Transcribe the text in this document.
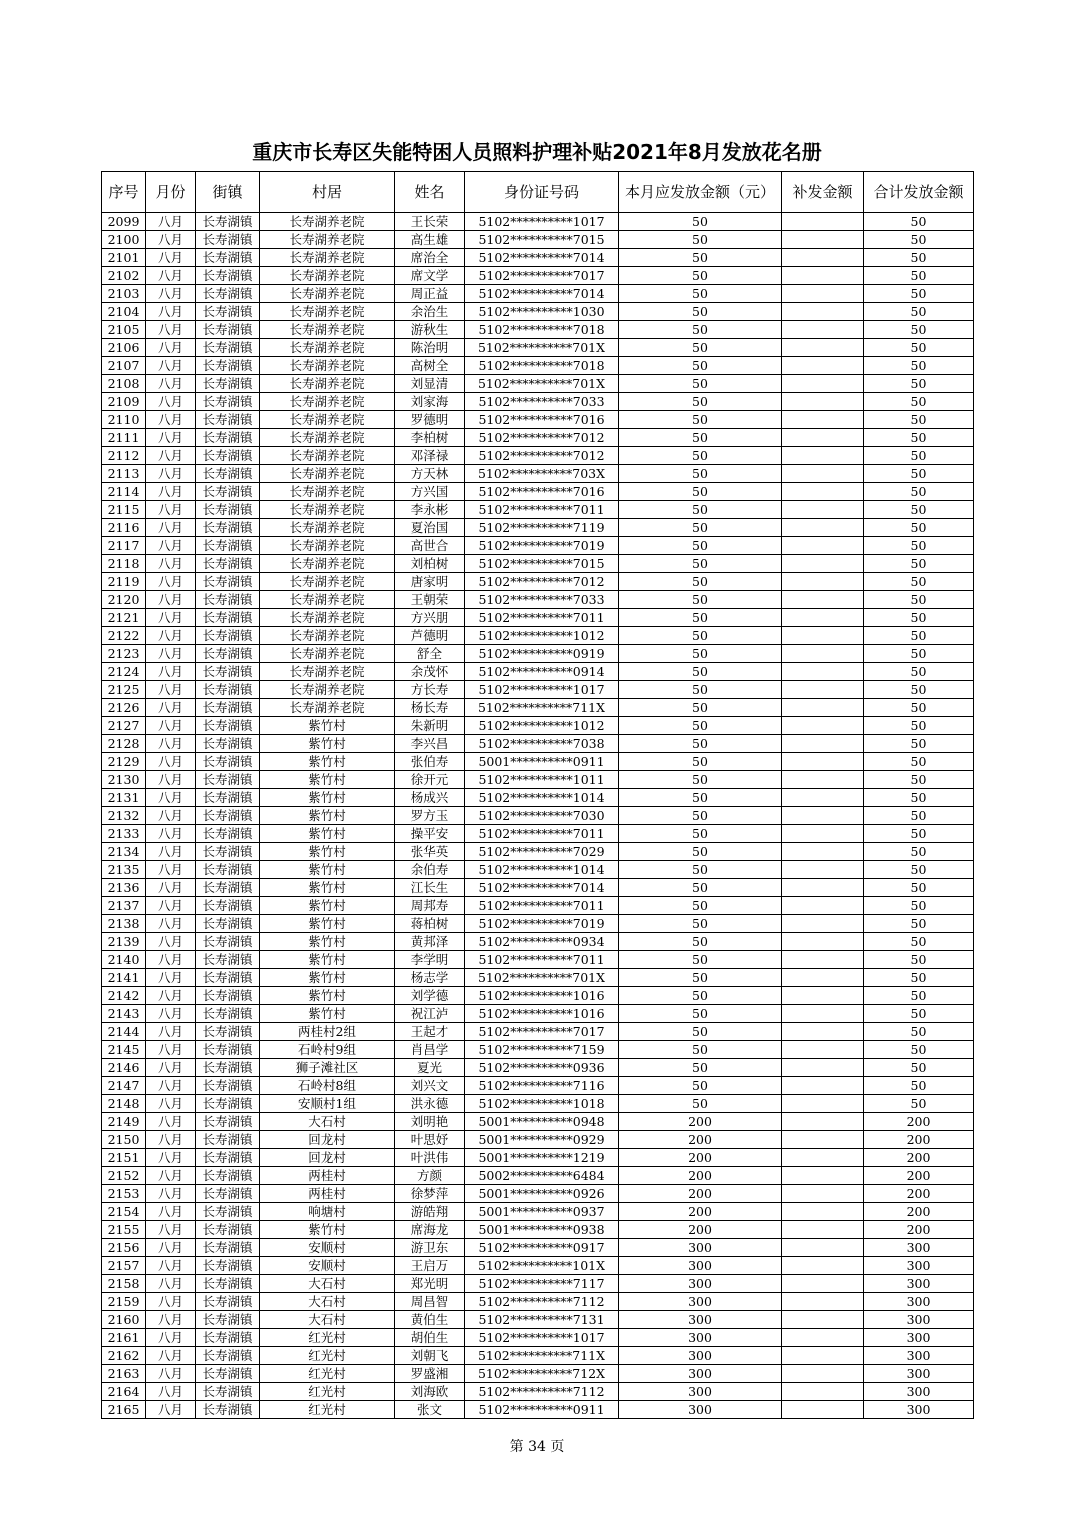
重庆市长寿区失能特困人员照料护理补贴2021年8月发放花名册
序号	月份	街镇	村居	姓名	身份证号码	本月应发放金额（元）	补发金额	合计发放金额
2099	八月	长寿湖镇	长寿湖养老院	王长荣	5102**********1017	50		50
2100	八月	长寿湖镇	长寿湖养老院	高生雄	5102**********7015	50		50
2101	八月	长寿湖镇	长寿湖养老院	席治全	5102**********7014	50		50
2102	八月	长寿湖镇	长寿湖养老院	席文学	5102**********7017	50		50
2103	八月	长寿湖镇	长寿湖养老院	周正益	5102**********7014	50		50
2104	八月	长寿湖镇	长寿湖养老院	余治生	5102**********1030	50		50
2105	八月	长寿湖镇	长寿湖养老院	游秋生	5102**********7018	50		50
2106	八月	长寿湖镇	长寿湖养老院	陈治明	5102**********701X	50		50
2107	八月	长寿湖镇	长寿湖养老院	高树全	5102**********7018	50		50
2108	八月	长寿湖镇	长寿湖养老院	刘显清	5102**********701X	50		50
2109	八月	长寿湖镇	长寿湖养老院	刘家海	5102**********7033	50		50
2110	八月	长寿湖镇	长寿湖养老院	罗德明	5102**********7016	50		50
2111	八月	长寿湖镇	长寿湖养老院	李柏树	5102**********7012	50		50
2112	八月	长寿湖镇	长寿湖养老院	邓泽禄	5102**********7012	50		50
2113	八月	长寿湖镇	长寿湖养老院	方天林	5102**********703X	50		50
2114	八月	长寿湖镇	长寿湖养老院	方兴国	5102**********7016	50		50
2115	八月	长寿湖镇	长寿湖养老院	李永彬	5102**********7011	50		50
2116	八月	长寿湖镇	长寿湖养老院	夏治国	5102**********7119	50		50
2117	八月	长寿湖镇	长寿湖养老院	高世合	5102**********7019	50		50
2118	八月	长寿湖镇	长寿湖养老院	刘柏树	5102**********7015	50		50
2119	八月	长寿湖镇	长寿湖养老院	唐家明	5102**********7012	50		50
2120	八月	长寿湖镇	长寿湖养老院	王朝荣	5102**********7033	50		50
2121	八月	长寿湖镇	长寿湖养老院	方兴朋	5102**********7011	50		50
2122	八月	长寿湖镇	长寿湖养老院	芦德明	5102**********1012	50		50
2123	八月	长寿湖镇	长寿湖养老院	舒全	5102**********0919	50		50
2124	八月	长寿湖镇	长寿湖养老院	余茂怀	5102**********0914	50		50
2125	八月	长寿湖镇	长寿湖养老院	方长寿	5102**********1017	50		50
2126	八月	长寿湖镇	长寿湖养老院	杨长寿	5102**********711X	50		50
2127	八月	长寿湖镇	紫竹村	朱新明	5102**********1012	50		50
2128	八月	长寿湖镇	紫竹村	李兴昌	5102**********7038	50		50
2129	八月	长寿湖镇	紫竹村	张伯寿	5001**********0911	50		50
2130	八月	长寿湖镇	紫竹村	徐开元	5102**********1011	50		50
2131	八月	长寿湖镇	紫竹村	杨成兴	5102**********1014	50		50
2132	八月	长寿湖镇	紫竹村	罗方玉	5102**********7030	50		50
2133	八月	长寿湖镇	紫竹村	操平安	5102**********7011	50		50
2134	八月	长寿湖镇	紫竹村	张华英	5102**********7029	50		50
2135	八月	长寿湖镇	紫竹村	余伯寿	5102**********1014	50		50
2136	八月	长寿湖镇	紫竹村	江长生	5102**********7014	50		50
2137	八月	长寿湖镇	紫竹村	周邦寿	5102**********7011	50		50
2138	八月	长寿湖镇	紫竹村	蒋柏树	5102**********7019	50		50
2139	八月	长寿湖镇	紫竹村	黄邦泽	5102**********0934	50		50
2140	八月	长寿湖镇	紫竹村	李学明	5102**********7011	50		50
2141	八月	长寿湖镇	紫竹村	杨志学	5102**********701X	50		50
2142	八月	长寿湖镇	紫竹村	刘学德	5102**********1016	50		50
2143	八月	长寿湖镇	紫竹村	祝江泸	5102**********1016	50		50
2144	八月	长寿湖镇	两桂村2组	王起才	5102**********7017	50		50
2145	八月	长寿湖镇	石岭村9组	肖昌学	5102**********7159	50		50
2146	八月	长寿湖镇	狮子滩社区	夏光	5102**********0936	50		50
2147	八月	长寿湖镇	石岭村8组	刘兴文	5102**********7116	50		50
2148	八月	长寿湖镇	安顺村1组	洪永德	5102**********1018	50		50
2149	八月	长寿湖镇	大石村	刘明艳	5001**********0948	200		200
2150	八月	长寿湖镇	回龙村	叶思妤	5001**********0929	200		200
2151	八月	长寿湖镇	回龙村	叶洪伟	5001**********1219	200		200
2152	八月	长寿湖镇	两桂村	方颜	5002**********6484	200		200
2153	八月	长寿湖镇	两桂村	徐梦萍	5001**********0926	200		200
2154	八月	长寿湖镇	响塘村	游皓翔	5001**********0937	200		200
2155	八月	长寿湖镇	紫竹村	席海龙	5001**********0938	200		200
2156	八月	长寿湖镇	安顺村	游卫东	5102**********0917	300		300
2157	八月	长寿湖镇	安顺村	王启万	5102**********101X	300		300
2158	八月	长寿湖镇	大石村	郑光明	5102**********7117	300		300
2159	八月	长寿湖镇	大石村	周昌智	5102**********7112	300		300
2160	八月	长寿湖镇	大石村	黄伯生	5102**********7131	300		300
2161	八月	长寿湖镇	红光村	胡伯生	5102**********1017	300		300
2162	八月	长寿湖镇	红光村	刘朝飞	5102**********711X	300		300
2163	八月	长寿湖镇	红光村	罗盛湘	5102**********712X	300		300
2164	八月	长寿湖镇	红光村	刘海欧	5102**********7112	300		300
2165	八月	长寿湖镇	红光村	张文	5102**********0911	300		300
第 34 页
